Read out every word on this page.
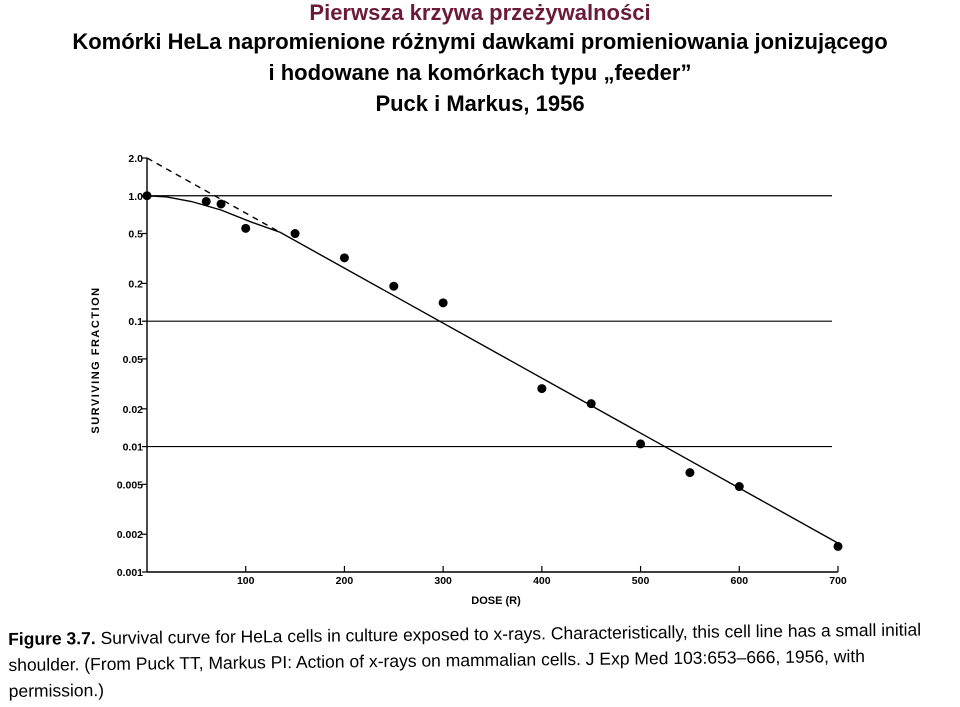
Pierwsza krzywa przeżywalności
Komórki HeLa napromienione różnymi dawkami promieniowania jonizującego
i hodowane na komórkach typu „feeder”
Puck i Markus, 1956
2.0
1.0
0.5
0.2
0.1
0.05
0.02
0.01
0.005
0.002
0.001
100	200	300	400	500	600	700
DOSE (R)
SURVIVING FRACTION
Figure 3.7. Survival curve for HeLa cells in culture exposed to x-rays. Characteristically, this cell line has a small initial shoulder. (From Puck TT, Markus PI: Action of x-rays on mammalian cells. J Exp Med 103:653–666, 1956, with permission.)
